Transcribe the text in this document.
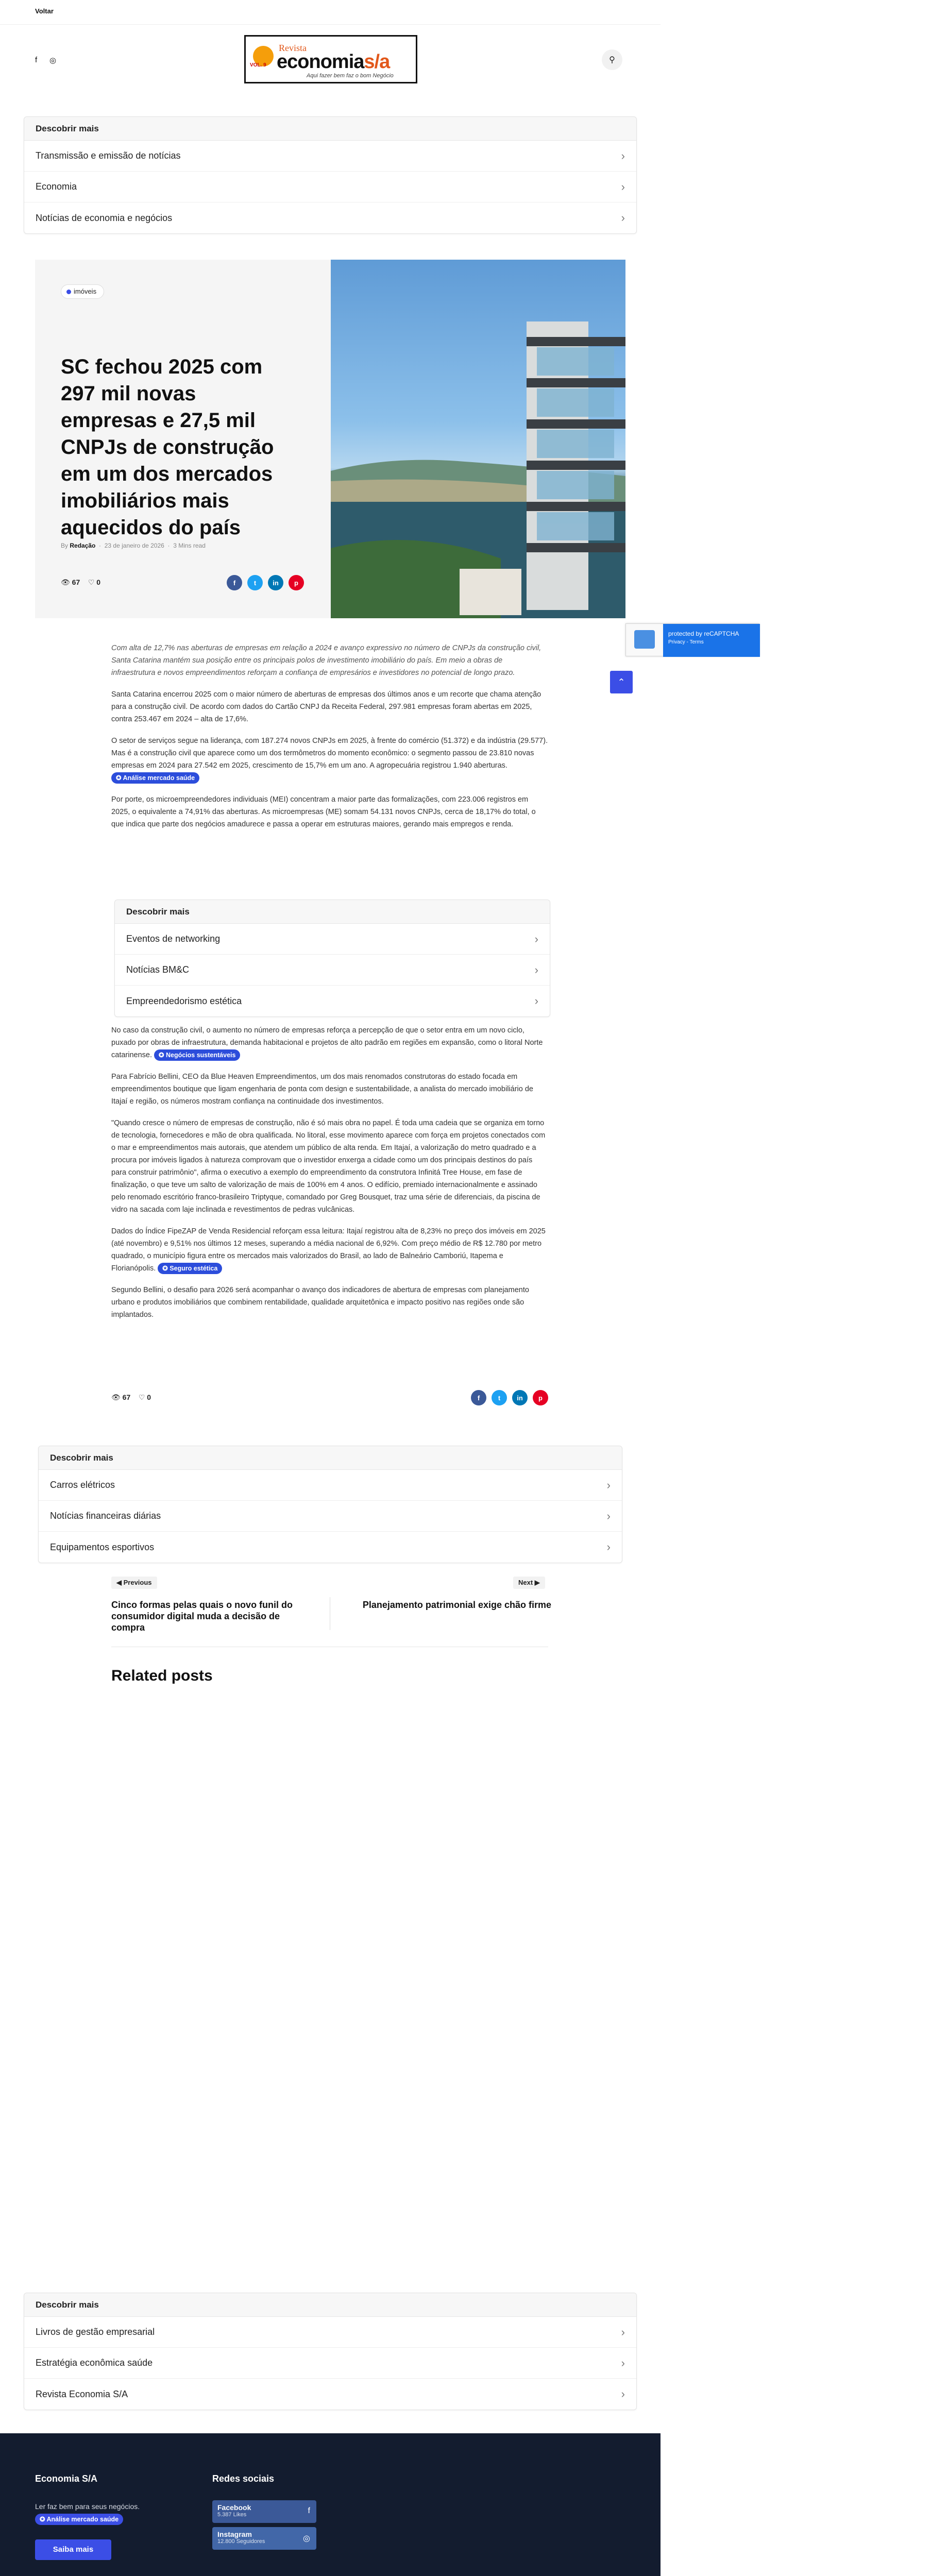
Voltar
f ◎
VOL. 9
Revista
economias/a
Aqui fazer bem faz o bom Negócio
⚲
Descobrir mais
Transmissão e emissão de notícias	›
Economia	›
Notícias de economia e negócios	›
imóveis
SC fechou 2025 com 297 mil novas empresas e 27,5 mil CNPJs de construção em um dos mercados imobiliários mais aquecidos do país
By Redação  ·  23 de janeiro de 2026  ·  3 Mins read
👁 67 ♡ 0	f	t	in	p
protected by reCAPTCHA
Privacy - Terms
⌃

Com alta de 12,7% nas aberturas de empresas em relação a 2024 e avanço expressivo no número de CNPJs da construção civil, Santa Catarina mantém sua posição entre os principais polos de investimento imobiliário do país. Em meio a obras de infraestrutura e novos empreendimentos reforçam a confiança de empresários e investidores no potencial de longo prazo.

Santa Catarina encerrou 2025 com o maior número de aberturas de empresas dos últimos anos e um recorte que chama atenção para a construção civil. De acordo com dados do Cartão CNPJ da Receita Federal, 297.981 empresas foram abertas em 2025, contra 253.467 em 2024 – alta de 17,6%.

O setor de serviços segue na liderança, com 187.274 novos CNPJs em 2025, à frente do comércio (51.372) e da indústria (29.577). Mas é a construção civil que aparece como um dos termômetros do momento econômico: o segmento passou de 23.810 novas empresas em 2024 para 27.542 em 2025, crescimento de 15,7% em um ano. A agropecuária registrou 1.940 aberturas. ✪ Análise mercado saúde

Por porte, os microempreendedores individuais (MEI) concentram a maior parte das formalizações, com 223.006 registros em 2025, o equivalente a 74,91% das aberturas. As microempresas (ME) somam 54.131 novos CNPJs, cerca de 18,17% do total, o que indica que parte dos negócios amadurece e passa a operar em estruturas maiores, gerando mais empregos e renda.

Descobrir mais
Eventos de networking	›
Notícias BM&C	›
Empreendedorismo estética	›

No caso da construção civil, o aumento no número de empresas reforça a percepção de que o setor entra em um novo ciclo, puxado por obras de infraestrutura, demanda habitacional e projetos de alto padrão em regiões em expansão, como o litoral Norte catarinense. ✪ Negócios sustentáveis

Para Fabrício Bellini, CEO da Blue Heaven Empreendimentos, um dos mais renomados construtoras do estado focada em empreendimentos boutique que ligam engenharia de ponta com design e sustentabilidade, a analista do mercado imobiliário de Itajaí e região, os números mostram confiança na continuidade dos investimentos.

"Quando cresce o número de empresas de construção, não é só mais obra no papel. É toda uma cadeia que se organiza em torno de tecnologia, fornecedores e mão de obra qualificada. No litoral, esse movimento aparece com força em projetos conectados com o mar e empreendimentos mais autorais, que atendem um público de alta renda. Em Itajaí, a valorização do metro quadrado e a procura por imóveis ligados à natureza comprovam que o investidor enxerga a cidade como um dos principais destinos do país para construir patrimônio", afirma o executivo a exemplo do empreendimento da construtora Infinitá Tree House, em fase de finalização, o que teve um salto de valorização de mais de 100% em 4 anos. O edifício, premiado internacionalmente e assinado pelo renomado escritório franco-brasileiro Triptyque, comandado por Greg Bousquet, traz uma série de diferenciais, da piscina de vidro na sacada com laje inclinada e revestimentos de pedras vulcânicas.

Dados do Índice FipeZAP de Venda Residencial reforçam essa leitura: Itajaí registrou alta de 8,23% no preço dos imóveis em 2025 (até novembro) e 9,51% nos últimos 12 meses, superando a média nacional de 6,92%. Com preço médio de R$ 12.780 por metro quadrado, o município figura entre os mercados mais valorizados do Brasil, ao lado de Balneário Camboriú, Itapema e Florianópolis. ✪ Seguro estética

Segundo Bellini, o desafio para 2026 será acompanhar o avanço dos indicadores de abertura de empresas com planejamento urbano e produtos imobiliários que combinem rentabilidade, qualidade arquitetônica e impacto positivo nas regiões onde são implantados.

👁 67 ♡ 0	f	t	in	p
Descobrir mais
Carros elétricos	›
Notícias financeiras diárias	›
Equipamentos esportivos	›
◀ Previous
Cinco formas pelas quais o novo funil do consumidor digital muda a decisão de compra
Next ▶
Planejamento patrimonial exige chão firme
Related posts
Descobrir mais
Livros de gestão empresarial	›
Estratégia econômica saúde	›
Revista Economia S/A	›
Economia S/A
Ler faz bem para seus negócios.
✪ Análise mercado saúde
Saiba mais
Redes sociais
Facebook
5.387 Likes	f
Instagram
12.800 Seguidores	◎
